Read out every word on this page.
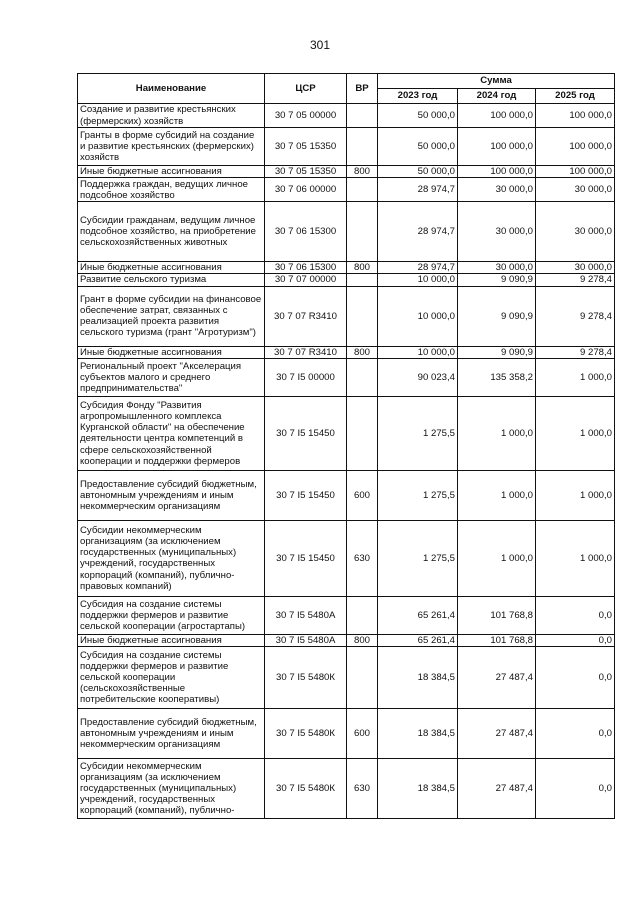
301
Наименование	ЦСР	ВР	Сумма		
			2023 год	2024 год	2025 год
Создание и развитие крестьянских (фермерских) хозяйств	30 7 05 00000		50 000,0	100 000,0	100 000,0
Гранты в форме субсидий на создание и развитие крестьянских (фермерских) хозяйств	30 7 05 15350		50 000,0	100 000,0	100 000,0
Иные бюджетные ассигнования	30 7 05 15350	800	50 000,0	100 000,0	100 000,0
Поддержка граждан, ведущих личное подсобное хозяйство	30 7 06 00000		28 974,7	30 000,0	30 000,0
Субсидии гражданам, ведущим личное подсобное хозяйство, на приобретение сельскохозяйственных животных	30 7 06 15300		28 974,7	30 000,0	30 000,0
Иные бюджетные ассигнования	30 7 06 15300	800	28 974,7	30 000,0	30 000,0
Развитие сельского туризма	30 7 07 00000		10 000,0	9 090,9	9 278,4
Грант в форме субсидии на финансовое обеспечение затрат, связанных с реализацией проекта развития сельского туризма (грант "Агротуризм")	30 7 07 R3410		10 000,0	9 090,9	9 278,4
Иные бюджетные ассигнования	30 7 07 R3410	800	10 000,0	9 090,9	9 278,4
Региональный проект "Акселерация субъектов малого и среднего предпринимательства"	30 7 I5 00000		90 023,4	135 358,2	1 000,0
Субсидия Фонду "Развития агропромышленного комплекса Курганской области" на обеспечение деятельности центра компетенций в сфере сельскохозяйственной кооперации и поддержки фермеров	30 7 I5 15450		1 275,5	1 000,0	1 000,0
Предоставление субсидий бюджетным, автономным учреждениям и иным некоммерческим организациям	30 7 I5 15450	600	1 275,5	1 000,0	1 000,0
Субсидии некоммерческим организациям (за исключением государственных (муниципальных) учреждений, государственных корпораций (компаний), публично-правовых компаний)	30 7 I5 15450	630	1 275,5	1 000,0	1 000,0
Субсидия на создание системы поддержки фермеров и развитие сельской кооперации (агростартапы)	30 7 I5 5480А		65 261,4	101 768,8	0,0
Иные бюджетные ассигнования	30 7 I5 5480А	800	65 261,4	101 768,8	0,0
Субсидия на создание системы поддержки фермеров и развитие сельской кооперации (сельскохозяйственные потребительские кооперативы)	30 7 I5 5480К		18 384,5	27 487,4	0,0
Предоставление субсидий бюджетным, автономным учреждениям и иным некоммерческим организациям	30 7 I5 5480К	600	18 384,5	27 487,4	0,0
Субсидии некоммерческим организациям (за исключением государственных (муниципальных) учреждений, государственных корпораций (компаний), публично-	30 7 I5 5480К	630	18 384,5	27 487,4	0,0
